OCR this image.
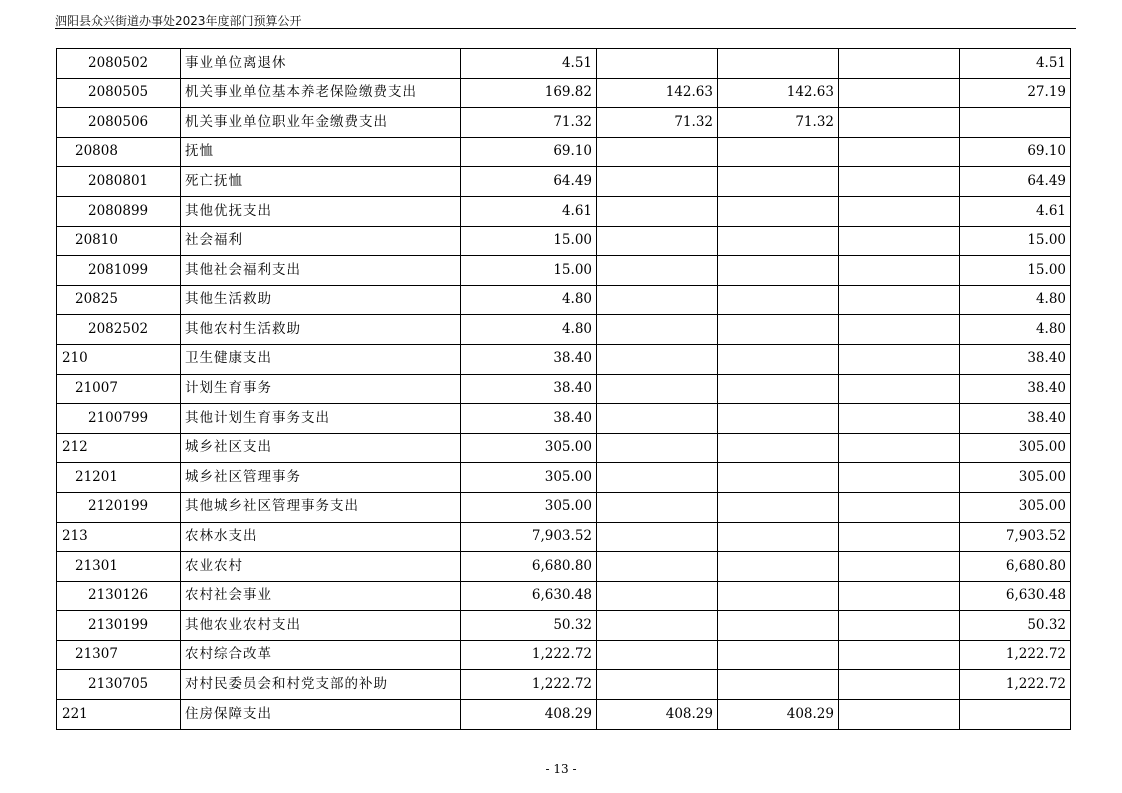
泗阳县众兴街道办事处2023年度部门预算公开
2080502	事业单位离退休	4.51				4.51
2080505	机关事业单位基本养老保险缴费支出	169.82	142.63	142.63		27.19
2080506	机关事业单位职业年金缴费支出	71.32	71.32	71.32		
20808	抚恤	69.10				69.10
2080801	死亡抚恤	64.49				64.49
2080899	其他优抚支出	4.61				4.61
20810	社会福利	15.00				15.00
2081099	其他社会福利支出	15.00				15.00
20825	其他生活救助	4.80				4.80
2082502	其他农村生活救助	4.80				4.80
210	卫生健康支出	38.40				38.40
21007	计划生育事务	38.40				38.40
2100799	其他计划生育事务支出	38.40				38.40
212	城乡社区支出	305.00				305.00
21201	城乡社区管理事务	305.00				305.00
2120199	其他城乡社区管理事务支出	305.00				305.00
213	农林水支出	7,903.52				7,903.52
21301	农业农村	6,680.80				6,680.80
2130126	农村社会事业	6,630.48				6,630.48
2130199	其他农业农村支出	50.32				50.32
21307	农村综合改革	1,222.72				1,222.72
2130705	对村民委员会和村党支部的补助	1,222.72				1,222.72
221	住房保障支出	408.29	408.29	408.29		
- 13 -
